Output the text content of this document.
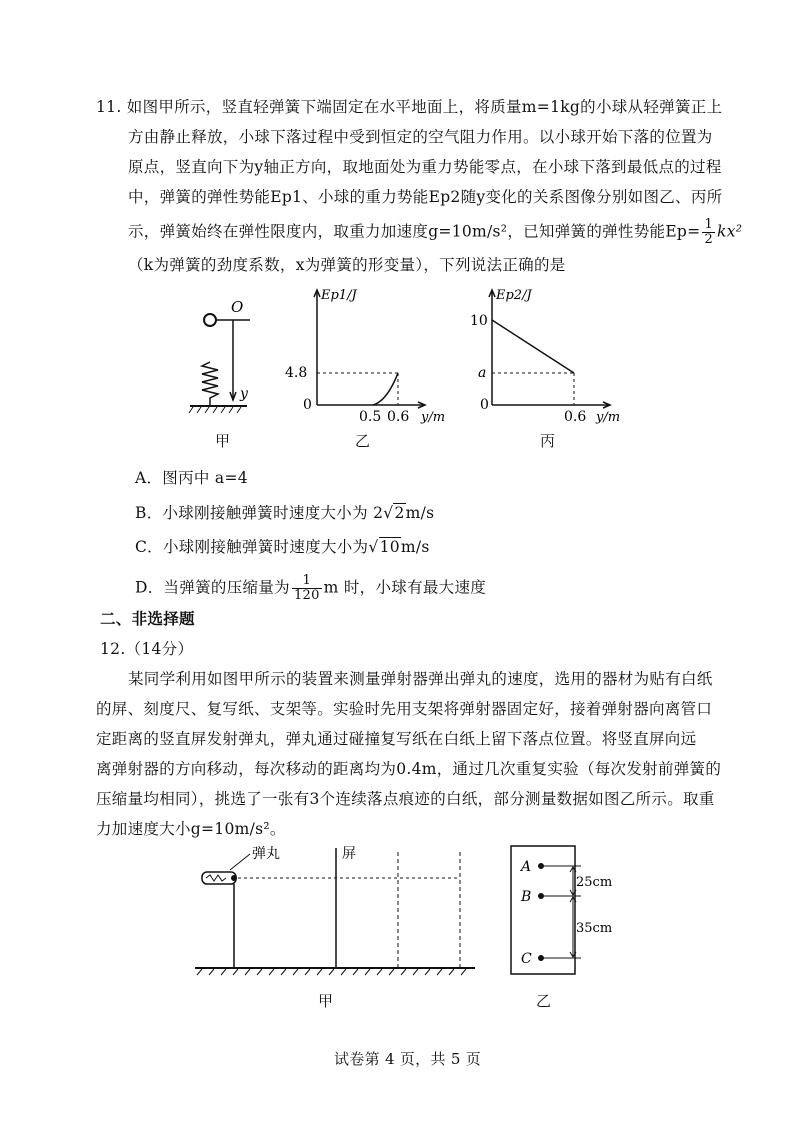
11. 如图甲所示，竖直轻弹簧下端固定在水平地面上，将质量m=1kg的小球从轻弹簧正上
方由静止释放，小球下落过程中受到恒定的空气阻力作用。以小球开始下落的位置为
原点，竖直向下为y轴正方向，取地面处为重力势能零点，在小球下落到最低点的过程
中，弹簧的弹性势能Ep1、小球的重力势能Ep2随y变化的关系图像分别如图乙、丙所
示，弹簧始终在弹性限度内，取重力加速度g=10m/s²，已知弹簧的弹性势能$Ep= \frac{1}{2} kx^2$
（k为弹簧的劲度系数，x为弹簧的形变量），下列说法正确的是
O
y
甲
Ep1/J
4.8
0
0.5 0.6 y/m
乙
Ep2/J
10
a
0
0.6 y/m
丙
A．图丙中 a=4
B．小球刚接触弹簧时速度大小为 2√2m/s
C．小球刚接触弹簧时速度大小为√10m/s
D．当弹簧的压缩量为 $\frac{1}{120}$ m 时，小球有最大速度
二、非选择题
12.（14分）
某同学利用如图甲所示的装置来测量弹射器弹出弹丸的速度，选用的器材为贴有白纸
的屏、刻度尺、复写纸、支架等。实验时先用支架将弹射器固定好，接着弹射器向离管口
定距离的竖直屏发射弹丸，弹丸通过碰撞复写纸在白纸上留下落点位置。将竖直屏向远
离弹射器的方向移动，每次移动的距离均为0.4m，通过几次重复实验（每次发射前弹簧的
压缩量均相同），挑选了一张有3个连续落点痕迹的白纸，部分测量数据如图乙所示。取重
力加速度大小g=10m/s²。
弹丸	屏
甲
A
B
C
25cm
35cm
乙
试卷第 4 页，共 5 页
